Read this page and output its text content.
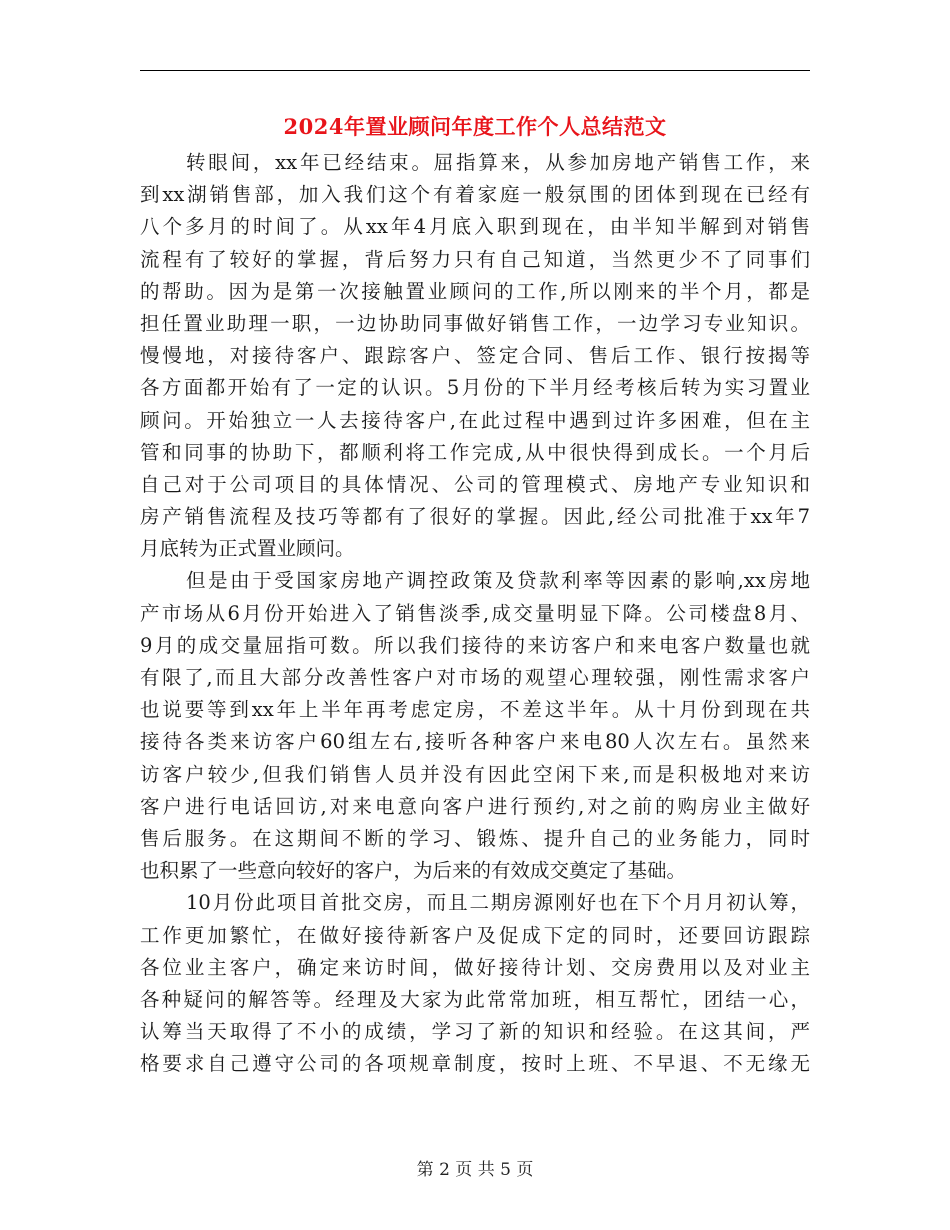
2024年置业顾问年度工作个人总结范文
转眼间，xx年已经结束。屈指算来，从参加房地产销售工作，来
到xx湖销售部，加入我们这个有着家庭一般氛围的团体到现在已经有
八个多月的时间了。从xx年4月底入职到现在，由半知半解到对销售
流程有了较好的掌握，背后努力只有自己知道，当然更少不了同事们
的帮助。因为是第一次接触置业顾问的工作,所以刚来的半个月，都是
担任置业助理一职，一边协助同事做好销售工作，一边学习专业知识。
慢慢地，对接待客户、跟踪客户、签定合同、售后工作、银行按揭等
各方面都开始有了一定的认识。5月份的下半月经考核后转为实习置业
顾问。开始独立一人去接待客户,在此过程中遇到过许多困难，但在主
管和同事的协助下，都顺利将工作完成,从中很快得到成长。一个月后
自己对于公司项目的具体情况、公司的管理模式、房地产专业知识和
房产销售流程及技巧等都有了很好的掌握。因此,经公司批准于xx年7
月底转为正式置业顾问。
但是由于受国家房地产调控政策及贷款利率等因素的影响,xx房地
产市场从6月份开始进入了销售淡季,成交量明显下降。公司楼盘8月、
9月的成交量屈指可数。所以我们接待的来访客户和来电客户数量也就
有限了,而且大部分改善性客户对市场的观望心理较强，刚性需求客户
也说要等到xx年上半年再考虑定房，不差这半年。从十月份到现在共
接待各类来访客户60组左右,接听各种客户来电80人次左右。虽然来
访客户较少,但我们销售人员并没有因此空闲下来,而是积极地对来访
客户进行电话回访,对来电意向客户进行预约,对之前的购房业主做好
售后服务。在这期间不断的学习、锻炼、提升自己的业务能力，同时
也积累了一些意向较好的客户，为后来的有效成交奠定了基础。
10月份此项目首批交房，而且二期房源刚好也在下个月月初认筹，
工作更加繁忙，在做好接待新客户及促成下定的同时，还要回访跟踪
各位业主客户，确定来访时间，做好接待计划、交房费用以及对业主
各种疑问的解答等。经理及大家为此常常加班，相互帮忙，团结一心，
认筹当天取得了不小的成绩，学习了新的知识和经验。在这其间，严
格要求自己遵守公司的各项规章制度，按时上班、不早退、不无缘无
第 2 页 共 5 页
